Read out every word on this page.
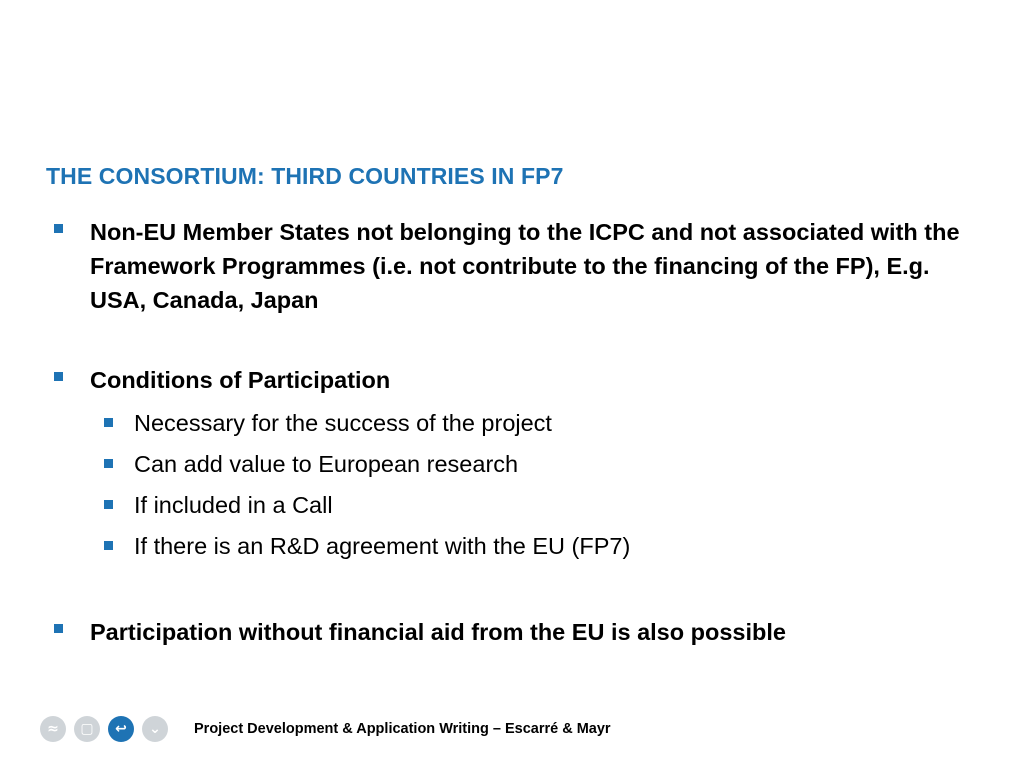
THE CONSORTIUM: THIRD COUNTRIES IN FP7
Non-EU Member States not belonging to the ICPC and not associated with the Framework Programmes (i.e. not contribute to the financing of the FP), E.g. USA, Canada, Japan
Conditions of Participation
Necessary for the success of the project
Can add value to European research
If included in a Call
If there is an R&D agreement with the EU (FP7)
Participation without financial aid from the EU is also possible
≈	▢	↩	⌄	Project Development & Application Writing – Escarré & Mayr
